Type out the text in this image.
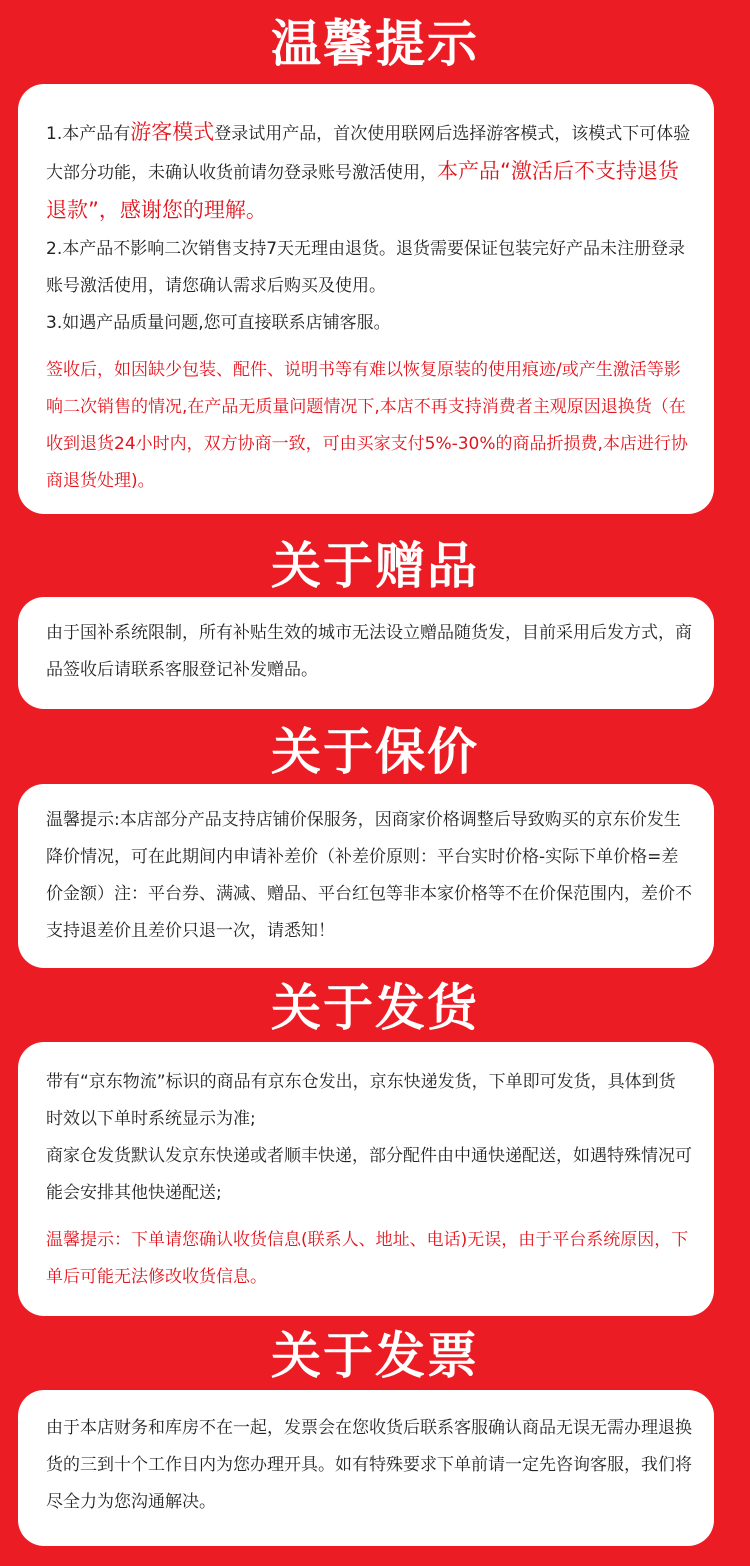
温馨提示

1.本产品有游客模式登录试用产品，首次使用联网后选择游客模式，该模式下可体验大部分功能，未确认收货前请勿登录账号激活使用，本产品“激活后不支持退货退款”，感谢您的理解。

2.本产品不影响二次销售支持7天无理由退货。退货需要保证包装完好产品未注册登录账号激活使用，请您确认需求后购买及使用。

3.如遇产品质量问题,您可直接联系店铺客服。

签收后，如因缺少包装、配件、说明书等有难以恢复原装的使用痕迹/或产生激活等影响二次销售的情况,在产品无质量问题情况下,本店不再支持消费者主观原因退换货（在收到退货24小时内，双方协商一致，可由买家支付5%-30%的商品折损费,本店进行协商退货处理)。

关于赠品

由于国补系统限制，所有补贴生效的城市无法设立赠品随货发，目前采用后发方式，商品签收后请联系客服登记补发赠品。

关于保价

温馨提示:本店部分产品支持店铺价保服务，因商家价格调整后导致购买的京东价发生降价情况，可在此期间内申请补差价（补差价原则：平台实时价格-实际下单价格=差价金额）注：平台券、满减、赠品、平台红包等非本家价格等不在价保范围内，差价不支持退差价且差价只退一次，请悉知！

关于发货

带有“京东物流”标识的商品有京东仓发出，京东快递发货，下单即可发货，具体到货时效以下单时系统显示为准;

商家仓发货默认发京东快递或者顺丰快递，部分配件由中通快递配送，如遇特殊情况可能会安排其他快递配送;

温馨提示：下单请您确认收货信息(联系人、地址、电话)无误，由于平台系统原因，下单后可能无法修改收货信息。

关于发票

由于本店财务和库房不在一起，发票会在您收货后联系客服确认商品无误无需办理退换货的三到十个工作日内为您办理开具。如有特殊要求下单前请一定先咨询客服，我们将尽全力为您沟通解决。
